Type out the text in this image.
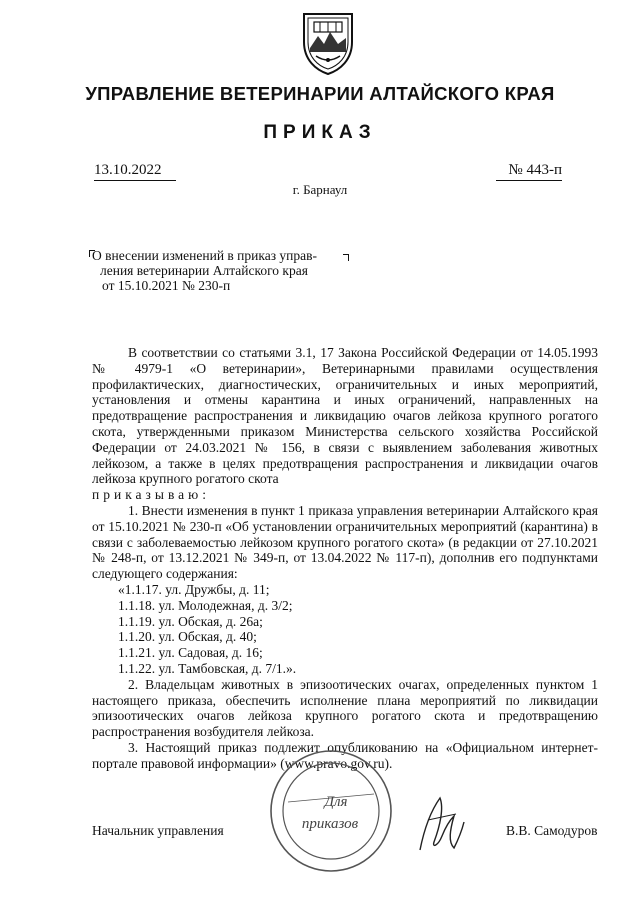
УПРАВЛЕНИЕ ВЕТЕРИНАРИИ АЛТАЙСКОГО КРАЯ
ПРИКАЗ
13.10.2022	№ 443-п
г. Барнаул
О внесении изменений в приказ управ-
ления ветеринарии Алтайского края
от 15.10.2021 № 230-п

В соответствии со статьями 3.1, 17 Закона Российской Федерации от 14.05.1993 № 4979-1 «О ветеринарии», Ветеринарными правилами осуществления профилактических, диагностических, ограничительных и иных мероприятий, установления и отмены карантина и иных ограничений, направленных на предотвращение распространения и ликвидацию очагов лейкоза крупного рогатого скота, утвержденными приказом Министерства сельского хозяйства Российской Федерации от 24.03.2021 № 156, в связи с выявлением заболевания животных лейкозом, а также в целях предотвращения распространения и ликвидации очагов лейкоза крупного рогатого скота

приказываю:

1. Внести изменения в пункт 1 приказа управления ветеринарии Алтайского края от 15.10.2021 № 230-п «Об установлении ограничительных мероприятий (карантина) в связи с заболеваемостью лейкозом крупного рогатого скота» (в редакции от 27.10.2021 № 248-п, от 13.12.2021 № 349-п, от 13.04.2022 № 117-п), дополнив его подпунктами следующего содержания:

«1.1.17. ул. Дружбы, д. 11;
1.1.18. ул. Молодежная, д. 3/2;
1.1.19. ул. Обская, д. 26а;
1.1.20. ул. Обская, д. 40;
1.1.21. ул. Садовая, д. 16;
1.1.22. ул. Тамбовская, д. 7/1.».

2. Владельцам животных в эпизоотических очагах, определенных пунктом 1 настоящего приказа, обеспечить исполнение плана мероприятий по ликвидации эпизоотических очагов лейкоза крупного рогатого скота и предотвращению распространения возбудителя лейкоза.

3. Настоящий приказ подлежит опубликованию на «Официальном интернет-портале правовой информации» (www.pravo.gov.ru).

Для
приказов
Начальник управления	В.В. Самодуров
